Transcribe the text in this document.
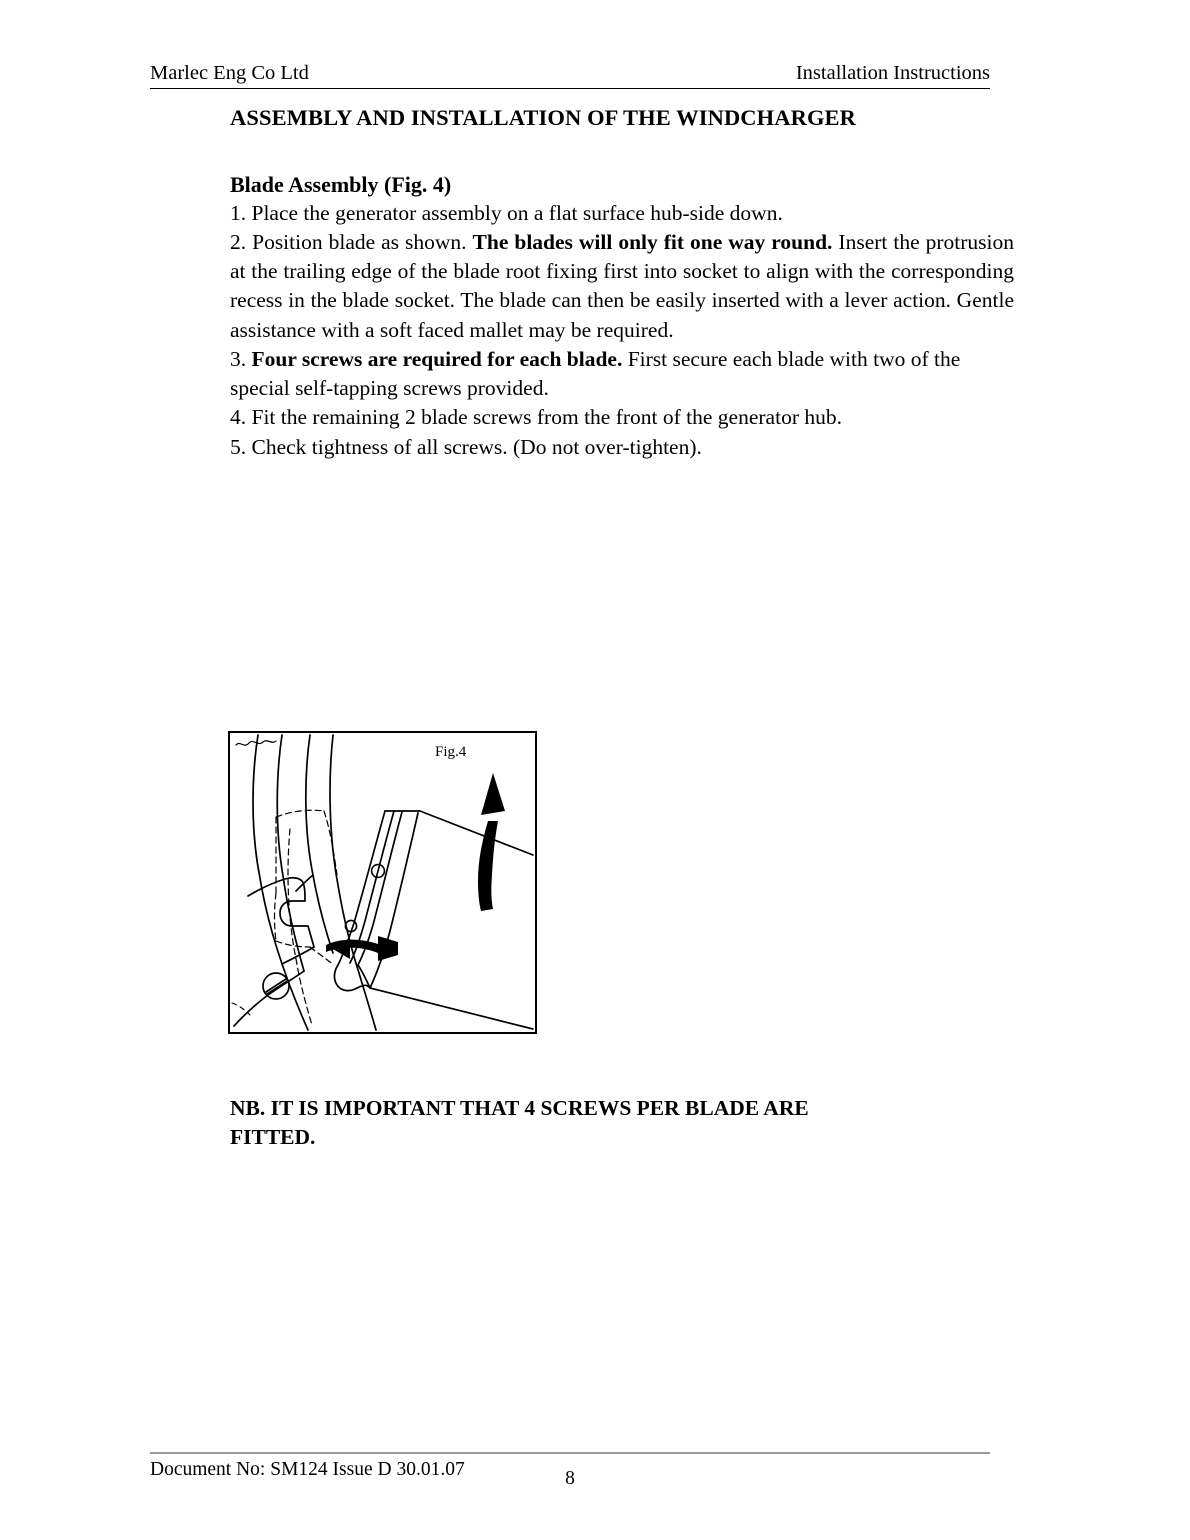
Marlec Eng Co Ltd	Installation Instructions
ASSEMBLY AND INSTALLATION OF THE WINDCHARGER
Blade Assembly (Fig. 4)

1. Place the generator assembly on a flat surface hub-side down.

2. Position blade as shown. The blades will only fit one way round. Insert the protrusion at the trailing edge of the blade root fixing first into socket to align with the corresponding recess in the blade socket. The blade can then be easily inserted with a lever action. Gentle assistance with a soft faced mallet may be required.

3. Four screws are required for each blade. First secure each blade with two of the special self-tapping screws provided.

4. Fit the remaining 2 blade screws from the front of the generator hub.

5. Check tightness of all screws. (Do not over-tighten).

Fig.4
NB. IT IS IMPORTANT THAT 4 SCREWS PER BLADE ARE
FITTED.
Document No: SM124 Issue D 30.01.07	8
